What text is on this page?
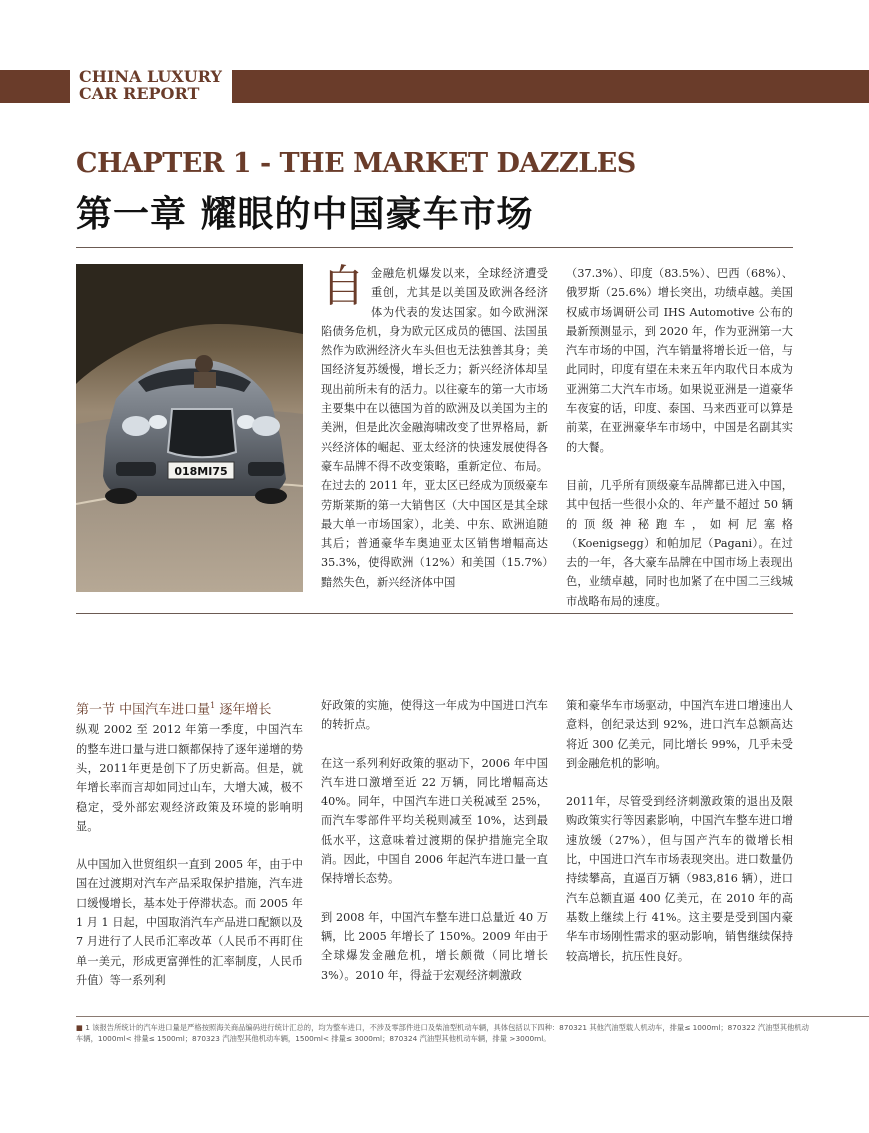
CHINA LUXURY
CAR REPORT
CHAPTER 1 - THE MARKET DAZZLES
第一章 耀眼的中国豪车市场
018MI75
自 金融危机爆发以来，全球经济遭受重创，尤其是以美国及欧洲各经济体为代表的发达国家。如今欧洲深陷债务危机，身为欧元区成员的德国、法国虽然作为欧洲经济火车头但也无法独善其身；美国经济复苏缓慢，增长乏力；新兴经济体却呈现出前所未有的活力。以往豪车的第一大市场主要集中在以德国为首的欧洲及以美国为主的美洲，但是此次金融海啸改变了世界格局，新兴经济体的崛起、亚太经济的快速发展使得各豪车品牌不得不改变策略，重新定位、布局。在过去的 2011 年，亚太区已经成为顶级豪车劳斯莱斯的第一大销售区（大中国区是其全球最大单一市场国家），北美、中东、欧洲追随其后；普通豪华车奥迪亚太区销售增幅高达 35.3%，使得欧洲（12%）和美国（15.7%）黯然失色，新兴经济体中国

（37.3%）、印度（83.5%）、巴西（68%）、俄罗斯（25.6%）增长突出，功绩卓越。美国权威市场调研公司 IHS Automotive 公布的最新预测显示，到 2020 年，作为亚洲第一大汽车市场的中国，汽车销量将增长近一倍，与此同时，印度有望在未来五年内取代日本成为亚洲第二大汽车市场。如果说亚洲是一道豪华车夜宴的话，印度、泰国、马来西亚可以算是前菜，在亚洲豪华车市场中，中国是名副其实的大餐。

目前，几乎所有顶级豪车品牌都已进入中国，其中包括一些很小众的、年产量不超过 50 辆的顶级神秘跑车，如柯尼塞格（Koenigsegg）和帕加尼（Pagani）。在过去的一年，各大豪车品牌在中国市场上表现出色，业绩卓越，同时也加紧了在中国二三线城市战略布局的速度。

第一节 中国汽车进口量$^1$ 逐年增长

纵观 2002 至 2012 年第一季度，中国汽车的整车进口量与进口额都保持了逐年递增的势头，2011年更是创下了历史新高。但是，就年增长率而言却如同过山车，大增大减，极不稳定，受外部宏观经济政策及环境的影响明显。

从中国加入世贸组织一直到 2005 年，由于中国在过渡期对汽车产品采取保护措施，汽车进口缓慢增长，基本处于停滞状态。而 2005 年 1 月 1 日起，中国取消汽车产品进口配额以及 7 月进行了人民币汇率改革（人民币不再盯住单一美元，形成更富弹性的汇率制度，人民币升值）等一系列利

好政策的实施，使得这一年成为中国进口汽车的转折点。

在这一系列利好政策的驱动下，2006 年中国汽车进口激增至近 22 万辆，同比增幅高达 40%。同年，中国汽车进口关税减至 25%，而汽车零部件平均关税则减至 10%，达到最低水平，这意味着过渡期的保护措施完全取消。因此，中国自 2006 年起汽车进口量一直保持增长态势。

到 2008 年，中国汽车整车进口总量近 40 万辆，比 2005 年增长了 150%。2009 年由于全球爆发金融危机，增长颇微（同比增长 3%）。2010 年，得益于宏观经济刺激政

策和豪华车市场驱动，中国汽车进口增速出人意料，创纪录达到 92%，进口汽车总额高达将近 300 亿美元，同比增长 99%，几乎未受到金融危机的影响。

2011年，尽管受到经济刺激政策的退出及限购政策实行等因素影响，中国汽车整车进口增速放缓（27%），但与国产汽车的微增长相比，中国进口汽车市场表现突出。进口数量仍持续攀高，直逼百万辆（983,816 辆），进口汽车总额直逼 400 亿美元，在 2010 年的高基数上继续上行 41%。这主要是受到国内豪华车市场刚性需求的驱动影响，销售继续保持较高增长，抗压性良好。

■ 1 该报告所统计的汽车进口量是严格按照海关商品编码进行统计汇总的，均为整车进口，不涉及零部件进口及柴油型机动车辆，具体包括以下四种：870321 其他汽油型载人机动车，排量≤ 1000ml；870322 汽油型其他机动车辆，1000ml< 排量≤ 1500ml；870323 汽油型其他机动车辆，1500ml< 排量≤ 3000ml；870324 汽油型其他机动车辆，排量 >3000ml。
